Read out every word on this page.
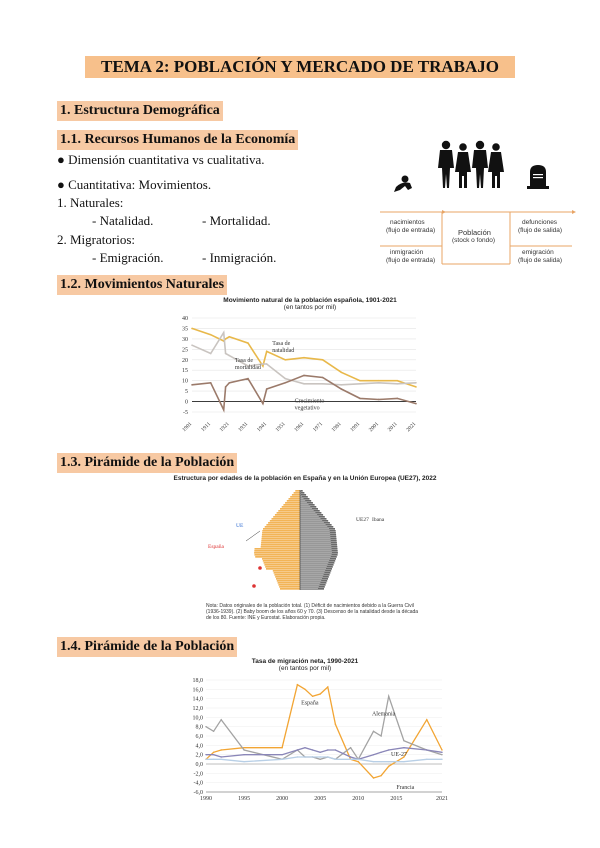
TEMA 2: POBLACIÓN Y MERCADO DE TRABAJO
1. Estructura Demográfica
1.1. Recursos Humanos de la Economía
● Dimensión cuantitativa vs cualitativa.
● Cuantitativa: Movimientos.
1. Naturales:
- Natalidad.	- Mortalidad.
2. Migratorios:
- Emigración.	- Inmigración.
nacimientos
(flujo de entrada)
inmigración
(flujo de entrada)
Población
(stock o fondo)
defunciones
(flujo de salida)
emigración
(flujo de salida)
1.2. Movimientos Naturales
Movimiento natural de la población española, 1901-2021
(en tantos por mil)
-5
0
5
10
15
20
25
30
35
40
1901 1911 1921 1931 1941 1951 1961 1971 1981 1991 2001 2011 2021
Tasa de natalidad
Tasa de mortalidad
Crecimiento vegetativo
1.3. Pirámide de la Población
Estructura por edades de la población en España y en la Unión Europea (UE27), 2022
UE
España
UE27 Ibana
Nota: Datos originales de la población total. (1) Déficit de nacimientos debido a la Guerra Civil
(1936-1939). (2) Baby boom de los años 60 y 70. (3) Descenso de la natalidad desde la década
de los 80. Fuente: INE y Eurostat. Elaboración propia.
1.4. Pirámide de la Población
Tasa de migración neta, 1990-2021
(en tantos por mil)
-6,0
-4,0
-2,0
0,0
2,0
4,0
6,0
8,0
10,0
12,0
14,0
16,0
18,0
1990	1995	2000	2005	2010	2015	2021
España
Alemania
UE-27
Francia
